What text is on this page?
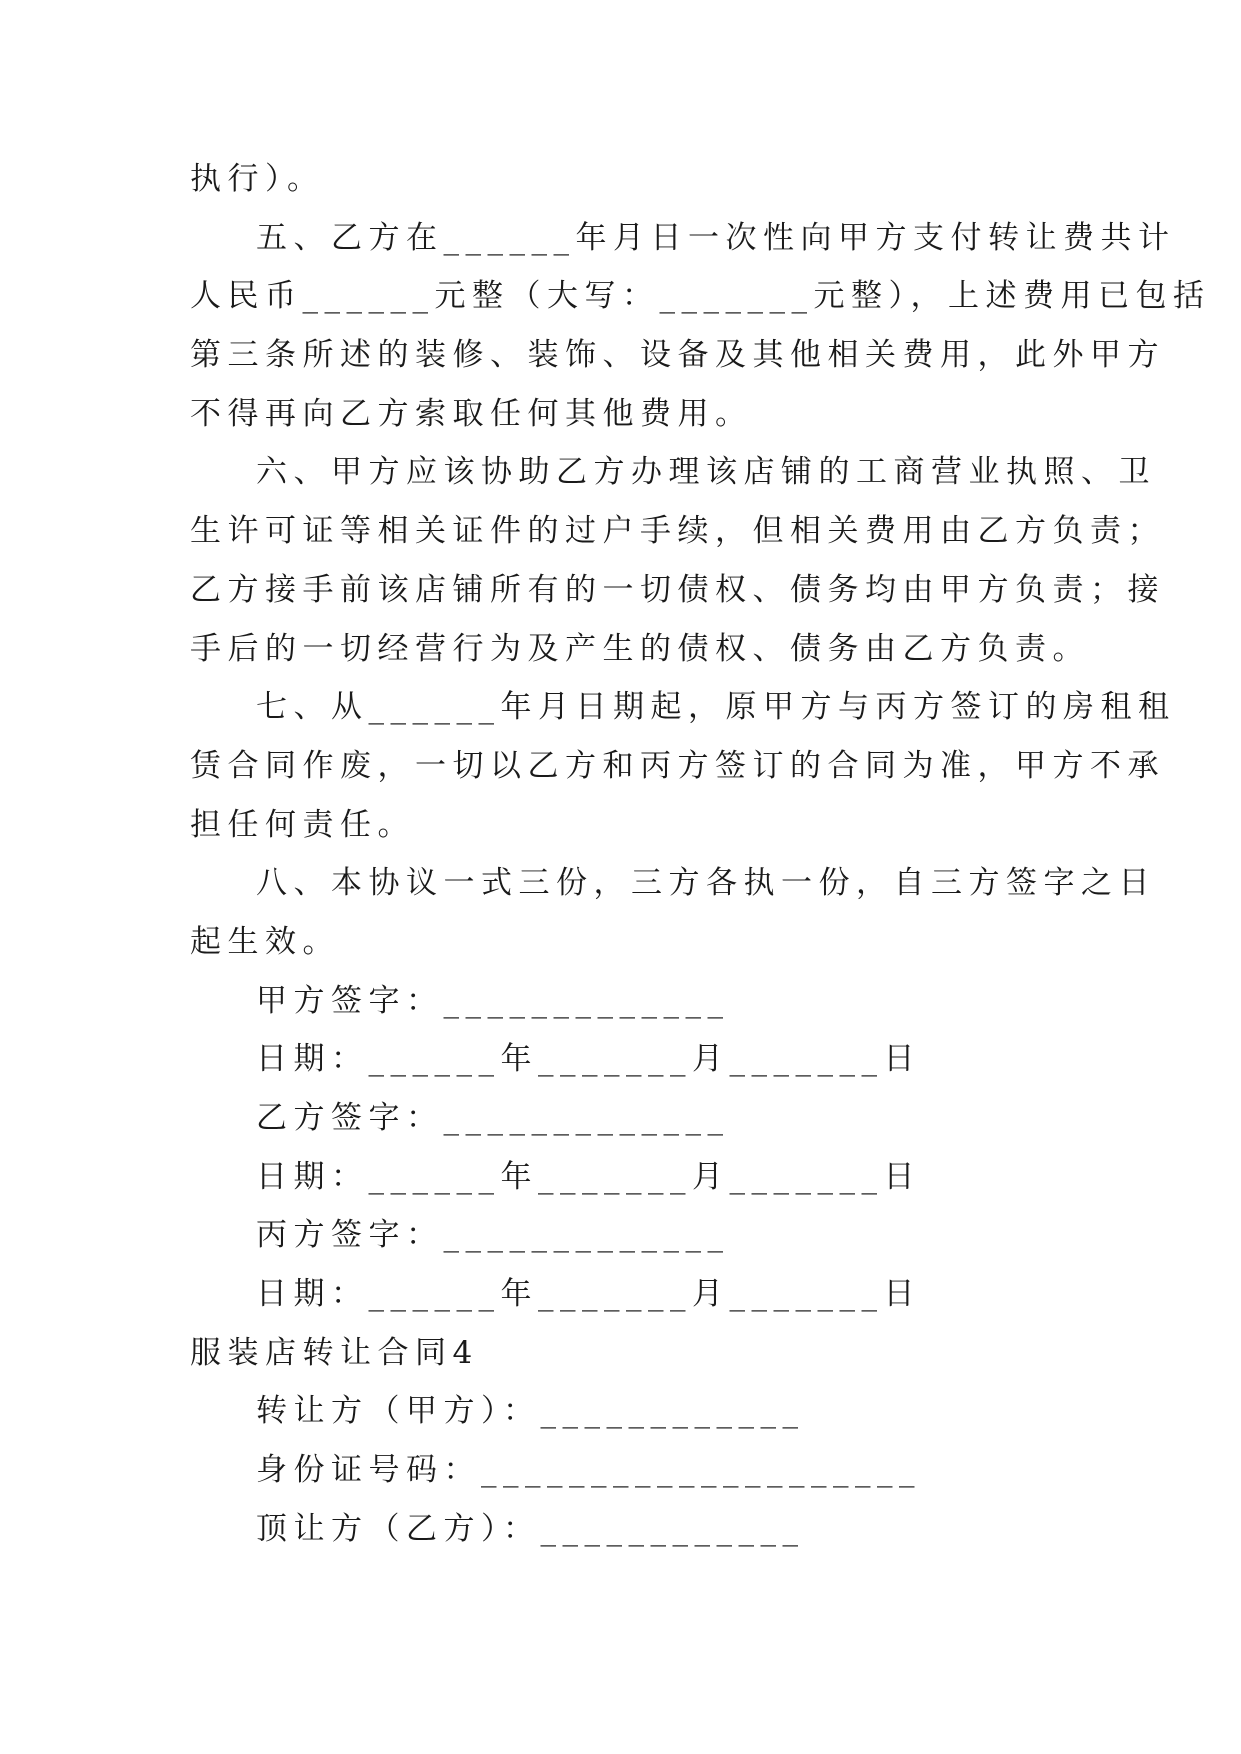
执行）。
五、乙方在______年月日一次性向甲方支付转让费共计
人民币______元整（大写：_______元整），上述费用已包括
第三条所述的装修、装饰、设备及其他相关费用，此外甲方
不得再向乙方索取任何其他费用。
六、甲方应该协助乙方办理该店铺的工商营业执照、卫
生许可证等相关证件的过户手续，但相关费用由乙方负责；
乙方接手前该店铺所有的一切债权、债务均由甲方负责；接
手后的一切经营行为及产生的债权、债务由乙方负责。
七、从______年月日期起，原甲方与丙方签订的房租租
赁合同作废，一切以乙方和丙方签订的合同为准，甲方不承
担任何责任。
八、本协议一式三份，三方各执一份，自三方签字之日
起生效。
甲方签字：_____________
日期：______年_______月_______日
乙方签字：_____________
日期：______年_______月_______日
丙方签字：_____________
日期：______年_______月_______日
服装店转让合同4
转让方（甲方）：____________
身份证号码：____________________
顶让方（乙方）：____________
